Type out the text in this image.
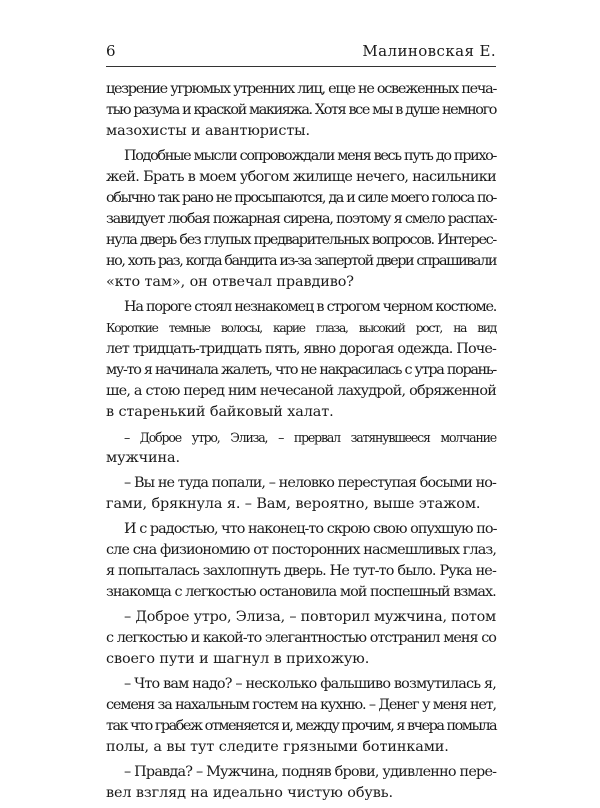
6	Малиновская Е.
цезрение угрюмых утренних лиц, еще не освеженных печа-
тью разума и краской макияжа. Хотя все мы в душе немного
мазохисты и авантюристы.
Подобные мысли сопровождали меня весь путь до прихо-
жей. Брать в моем убогом жилище нечего, насильники
обычно так рано не просыпаются, да и силе моего голоса по-
завидует любая пожарная сирена, поэтому я смело распах-
нула дверь без глупых предварительных вопросов. Интерес-
но, хоть раз, когда бандита из-за запертой двери спрашивали
«кто там», он отвечал правдиво?
На пороге стоял незнакомец в строгом черном костюме.
Короткие темные волосы, карие глаза, высокий рост, на вид
лет тридцать-тридцать пять, явно дорогая одежда. Поче-
му-то я начинала жалеть, что не накрасилась с утра порань-
ше, а стою перед ним нечесаной лахудрой, обряженной
в старенький байковый халат.
– Доброе утро, Элиза, – прервал затянувшееся молчание
мужчина.
– Вы не туда попали, – неловко переступая босыми но-
гами, брякнула я. – Вам, вероятно, выше этажом.
И с радостью, что наконец-то скрою свою опухшую по-
сле сна физиономию от посторонних насмешливых глаз,
я попыталась захлопнуть дверь. Не тут-то было. Рука не-
знакомца с легкостью остановила мой поспешный взмах.
– Доброе утро, Элиза, – повторил мужчина, потом
с легкостью и какой-то элегантностью отстранил меня со
своего пути и шагнул в прихожую.
– Что вам надо? – несколько фальшиво возмутилась я,
семеня за нахальным гостем на кухню. – Денег у меня нет,
так что грабеж отменяется и, между прочим, я вчера помыла
полы, а вы тут следите грязными ботинками.
– Правда? – Мужчина, подняв брови, удивленно пере-
вел взгляд на идеально чистую обувь.
